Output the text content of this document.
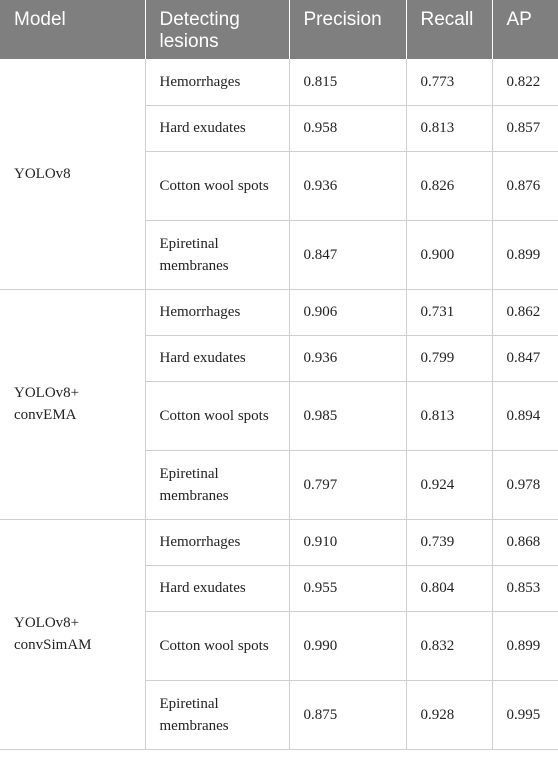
Model	Detecting lesions	Precision	Recall	AP
YOLOv8	Hemorrhages	0.815	0.773	0.822
	Hard exudates	0.958	0.813	0.857
	Cotton wool spots	0.936	0.826	0.876
	Epiretinal membranes	0.847	0.900	0.899
YOLOv8+ convEMA	Hemorrhages	0.906	0.731	0.862
	Hard exudates	0.936	0.799	0.847
	Cotton wool spots	0.985	0.813	0.894
	Epiretinal membranes	0.797	0.924	0.978
YOLOv8+ convSimAM	Hemorrhages	0.910	0.739	0.868
	Hard exudates	0.955	0.804	0.853
	Cotton wool spots	0.990	0.832	0.899
	Epiretinal membranes	0.875	0.928	0.995
